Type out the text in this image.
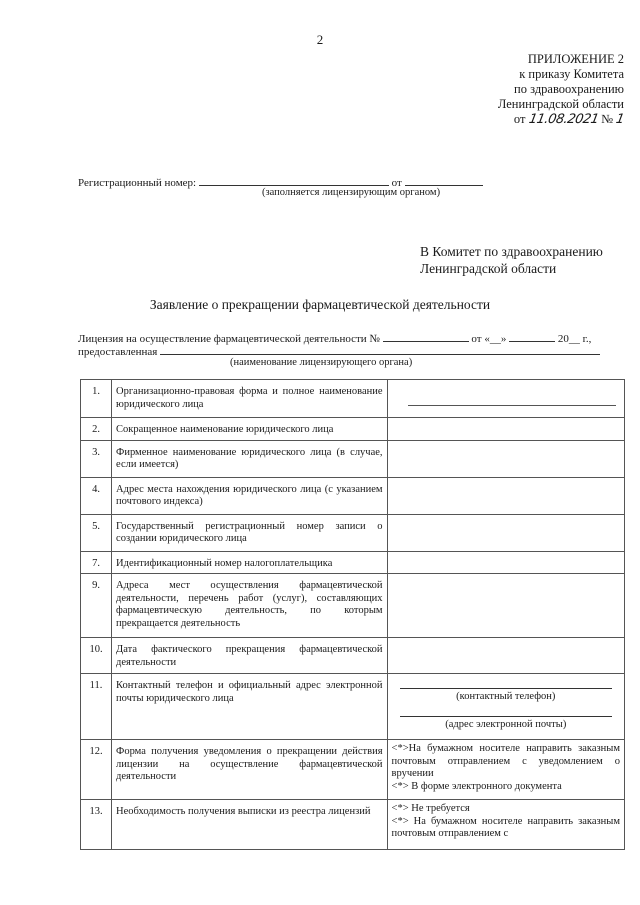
2
ПРИЛОЖЕНИЕ 2
к приказу Комитета
по здравоохранению
Ленинградской области
от 11.08.2021 № 1
Регистрационный номер:	от
(заполняется лицензирующим органом)
В Комитет по здравоохранению
Ленинградской области
Заявление о прекращении фармацевтической деятельности
Лицензия на осуществление фармацевтической деятельности №	от «__»	20__ г.,
предоставленная
(наименование лицензирующего органа)
1.	Организационно-правовая форма и полное наименование юридического лица	

2.	Сокращенное наименование юридического лица	
3.	Фирменное наименование юридического лица (в случае, если имеется)	
4.	Адрес места нахождения юридического лица (с указанием почтового индекса)	
5.	Государственный регистрационный номер записи о создании юридического лица	
7.	Идентификационный номер налогоплательщика	
9.	Адреса мест осуществления фармацевтической деятельности, перечень работ (услуг), составляющих фармацевтическую деятельность, по которым прекращается деятельность	
10.	Дата фактического прекращения фармацевтической деятельности	
11.	Контактный телефон и официальный адрес электронной почты юридического лица	(контактный телефон)
(адрес электронной почты)

12.	Форма получения уведомления о прекращении действия лицензии на осуществление фармацевтической деятельности	<*>На бумажном носителе направить заказным почтовым отправлением с уведомлением о вручении
<*> В форме электронного документа

13.	Необходимость получения выписки из реестра лицензий	<*> Не требуется
<*> На бумажном носителе направить заказным почтовым отправлением с
